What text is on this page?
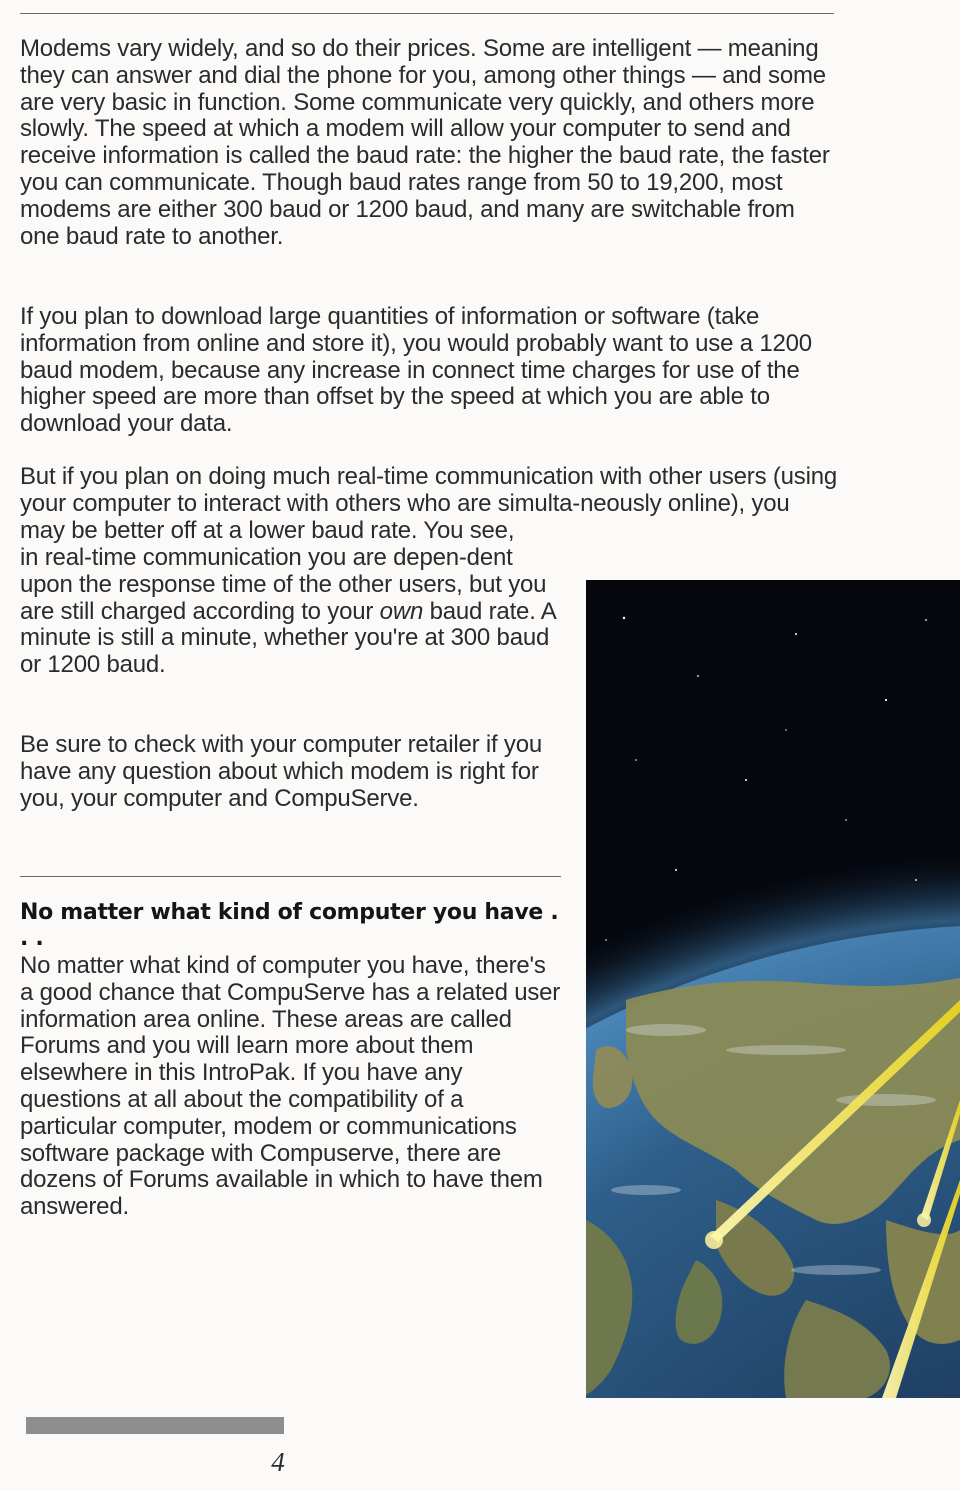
Modems vary widely, and so do their prices. Some are intelligent — meaning they can answer and dial the phone for you, among other things — and some are very basic in function. Some communicate very quickly, and others more slowly. The speed at which a modem will allow your computer to send and receive information is called the baud rate: the higher the baud rate, the faster you can communicate. Though baud rates range from 50 to 19,200, most modems are either 300 baud or 1200 baud, and many are switchable from one baud rate to another.

If you plan to download large quantities of information or software (take information from online and store it), you would probably want to use a 1200 baud modem, because any increase in connect time charges for use of the higher speed are more than offset by the speed at which you are able to download your data.

But if you plan on doing much real-time communication with other users (using your computer to interact with others who are simulta-neously online), you may be better off at a lower baud rate. You see,

in real-time communication you are depen-dent upon the response time of the other users, but you are still charged according to your own baud rate. A minute is still a minute, whether you're at 300 baud or 1200 baud.

Be sure to check with your computer retailer if you have any question about which modem is right for you, your computer and CompuServe.

No matter what kind of computer you have . . .

No matter what kind of computer you have, there's a good chance that CompuServe has a related user information area online. These areas are called Forums and you will learn more about them elsewhere in this IntroPak. If you have any questions at all about the compatibility of a particular computer, modem or communications software package with Compuserve, there are dozens of Forums available in which to have them answered.

4
